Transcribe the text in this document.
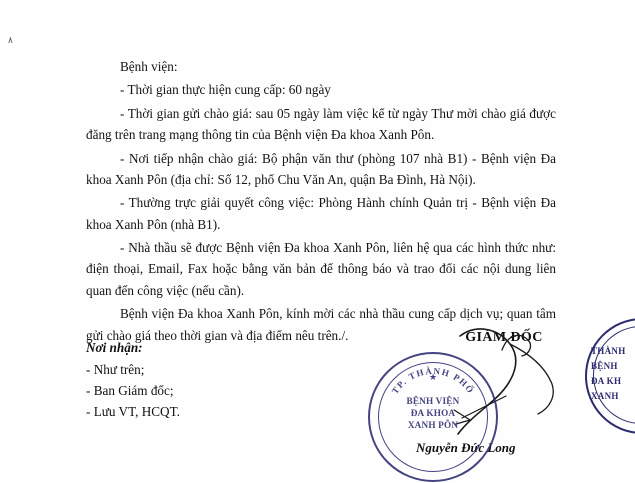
٨

Bệnh viện:

- Thời gian thực hiện cung cấp: 60 ngày

- Thời gian gửi chào giá: sau 05 ngày làm việc kể từ ngày Thư mời chào giá được đăng trên trang mạng thông tin của Bệnh viện Đa khoa Xanh Pôn.

- Nơi tiếp nhận chào giá: Bộ phận văn thư (phòng 107 nhà B1) - Bệnh viện Đa khoa Xanh Pôn (địa chỉ: Số 12, phố Chu Văn An, quận Ba Đình, Hà Nội).

- Thường trực giải quyết công việc: Phòng Hành chính Quản trị - Bệnh viện Đa khoa Xanh Pôn (nhà B1).

- Nhà thầu sẽ được Bệnh viện Đa khoa Xanh Pôn, liên hệ qua các hình thức như: điện thoại, Email, Fax hoặc bằng văn bản để thông báo và trao đổi các nội dung liên quan đến công việc (nếu cần).

Bệnh viện Đa khoa Xanh Pôn, kính mời các nhà thầu cung cấp dịch vụ; quan tâm gửi chào giá theo thời gian và địa điểm nêu trên./.

Nơi nhận:
- Như trên;
- Ban Giám đốc;
- Lưu VT, HCQT.
GIÁM ĐỐC
Nguyễn Đức Long
★
TP. THÀNH PHỐ
BỆNH VIỆN
ĐA KHOA
XANH PÔN
THÀNH
BỆNH
ĐA KH
XANH
